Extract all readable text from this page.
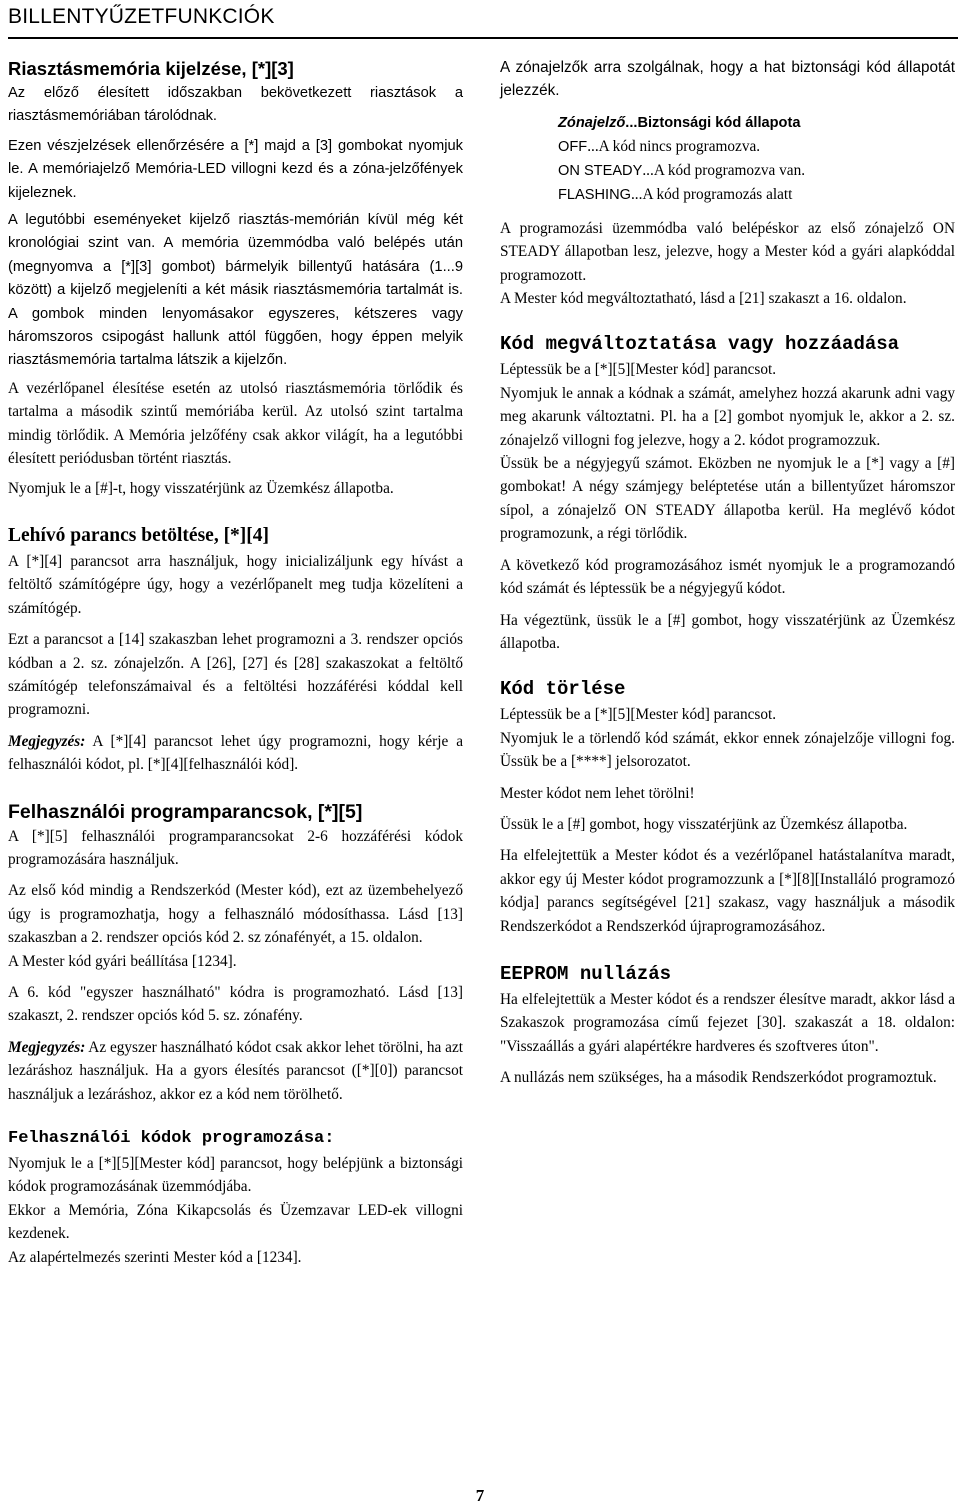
BILLENTYŰZETFUNKCIÓK
Riasztásmemória kijelzése, [*][3]

Az előző élesített időszakban bekövetkezett riasztások a riasztásmemóriában tárolódnak.

Ezen vészjelzések ellenőrzésére a [*] majd a [3] gombokat nyomjuk le. A memóriajelző Memória-LED villogni kezd és a zóna-jelzőfények kijeleznek.

A legutóbbi eseményeket kijelző riasztás-memórián kívül még két kronológiai szint van. A memória üzemmódba való belépés után (megnyomva a [*][3] gombot) bármelyik billentyű hatására (1...9 között) a kijelző megjeleníti a két másik riasztásmemória tartalmát is. A gombok minden lenyomásakor egyszeres, kétszeres vagy háromszoros csipogást hallunk attól függően, hogy éppen melyik riasztásmemória tartalma látszik a kijelzőn.

A vezérlőpanel élesítése esetén az utolsó riasztásmemória törlődik és tartalma a második szintű memóriába kerül. Az utolsó szint tartalma mindig törlődik. A Memória jelzőfény csak akkor világít, ha a legutóbbi élesített periódusban történt riasztás.

Nyomjuk le a [#]-t, hogy visszatérjünk az Üzemkész állapotba.

Lehívó parancs betöltése, [*][4]

A [*][4] parancsot arra használjuk, hogy inicializáljunk egy hívást a feltöltő számítógépre úgy, hogy a vezérlőpanelt meg tudja közelíteni a számítógép.

Ezt a parancsot a [14] szakaszban lehet programozni a 3. rendszer opciós kódban a 2. sz. zónajelzőn. A [26], [27] és [28] szakaszokat a feltöltő számítógép telefonszámaival és a feltöltési hozzáférési kóddal kell programozni.

Megjegyzés: A [*][4] parancsot lehet úgy programozni, hogy kérje a felhasználói kódot, pl. [*][4][felhasználói kód].

Felhasználói programparancsok, [*][5]

A [*][5] felhasználói programparancsokat 2-6 hozzáférési kódok programozására használjuk.

Az első kód mindig a Rendszerkód (Mester kód), ezt az üzembehelyező úgy is programozhatja, hogy a felhasználó módosíthassa. Lásd [13] szakaszban a 2. rendszer opciós kód 2. sz zónafényét, a 15. oldalon.

A Mester kód gyári beállítása [1234].

A 6. kód "egyszer használható" kódra is programozható. Lásd [13] szakaszt, 2. rendszer opciós kód 5. sz. zónafény.

Megjegyzés: Az egyszer használható kódot csak akkor lehet törölni, ha azt lezáráshoz használjuk. Ha a gyors élesítés parancsot ([*][0]) parancsot használjuk a lezáráshoz, akkor ez a kód nem törölhető.

Felhasználói kódok programozása:

Nyomjuk le a [*][5][Mester kód] parancsot, hogy belépjünk a biztonsági kódok programozásának üzemmódjába.

Ekkor a Memória, Zóna Kikapcsolás és Üzemzavar LED-ek villogni kezdenek.

Az alapértelmezés szerinti Mester kód a [1234].

A zónajelzők arra szolgálnak, hogy a hat biztonsági kód állapotát jelezzék.

Zónajelző...Biztonsági kód állapota
OFF...A kód nincs programozva.
ON STEADY...A kód programozva van.
FLASHING...A kód programozás alatt

A programozási üzemmódba való belépéskor az első zónajelző ON STEADY állapotban lesz, jelezve, hogy a Mester kód a gyári alapkóddal programozott.

A Mester kód megváltoztatható, lásd a [21] szakaszt a 16. oldalon.

Kód megváltoztatása vagy hozzáadása

Léptessük be a [*][5][Mester kód] parancsot.

Nyomjuk le annak a kódnak a számát, amelyhez hozzá akarunk adni vagy meg akarunk változtatni. Pl. ha a [2] gombot nyomjuk le, akkor a 2. sz. zónajelző villogni fog jelezve, hogy a 2. kódot programozzuk.

Üssük be a négyjegyű számot. Eközben ne nyomjuk le a [*] vagy a [#] gombokat! A négy számjegy beléptetése után a billentyűzet háromszor sípol, a zónajelző ON STEADY állapotba kerül. Ha meglévő kódot programozunk, a régi törlődik.

A következő kód programozásához ismét nyomjuk le a programozandó kód számát és léptessük be a négyjegyű kódot.

Ha végeztünk, üssük le a [#] gombot, hogy visszatérjünk az Üzemkész állapotba.

Kód törlése

Léptessük be a [*][5][Mester kód] parancsot.

Nyomjuk le a törlendő kód számát, ekkor ennek zónajelzője villogni fog. Üssük be a [****] jelsorozatot.

Mester kódot nem lehet törölni!

Üssük le a [#] gombot, hogy visszatérjünk az Üzemkész állapotba.

Ha elfelejtettük a Mester kódot és a vezérlőpanel hatástalanítva maradt, akkor egy új Mester kódot programozzunk a [*][8][Installáló programozó kódja] parancs segítségével [21] szakasz, vagy használjuk a második Rendszerkódot a Rendszerkód újraprogramozásához.

EEPROM nullázás

Ha elfelejtettük a Mester kódot és a rendszer élesítve maradt, akkor lásd a Szakaszok programozása című fejezet [30]. szakaszát a 18. oldalon: "Visszaállás a gyári alapértékre hardveres és szoftveres úton".

A nullázás nem szükséges, ha a második Rendszerkódot programoztuk.

7
